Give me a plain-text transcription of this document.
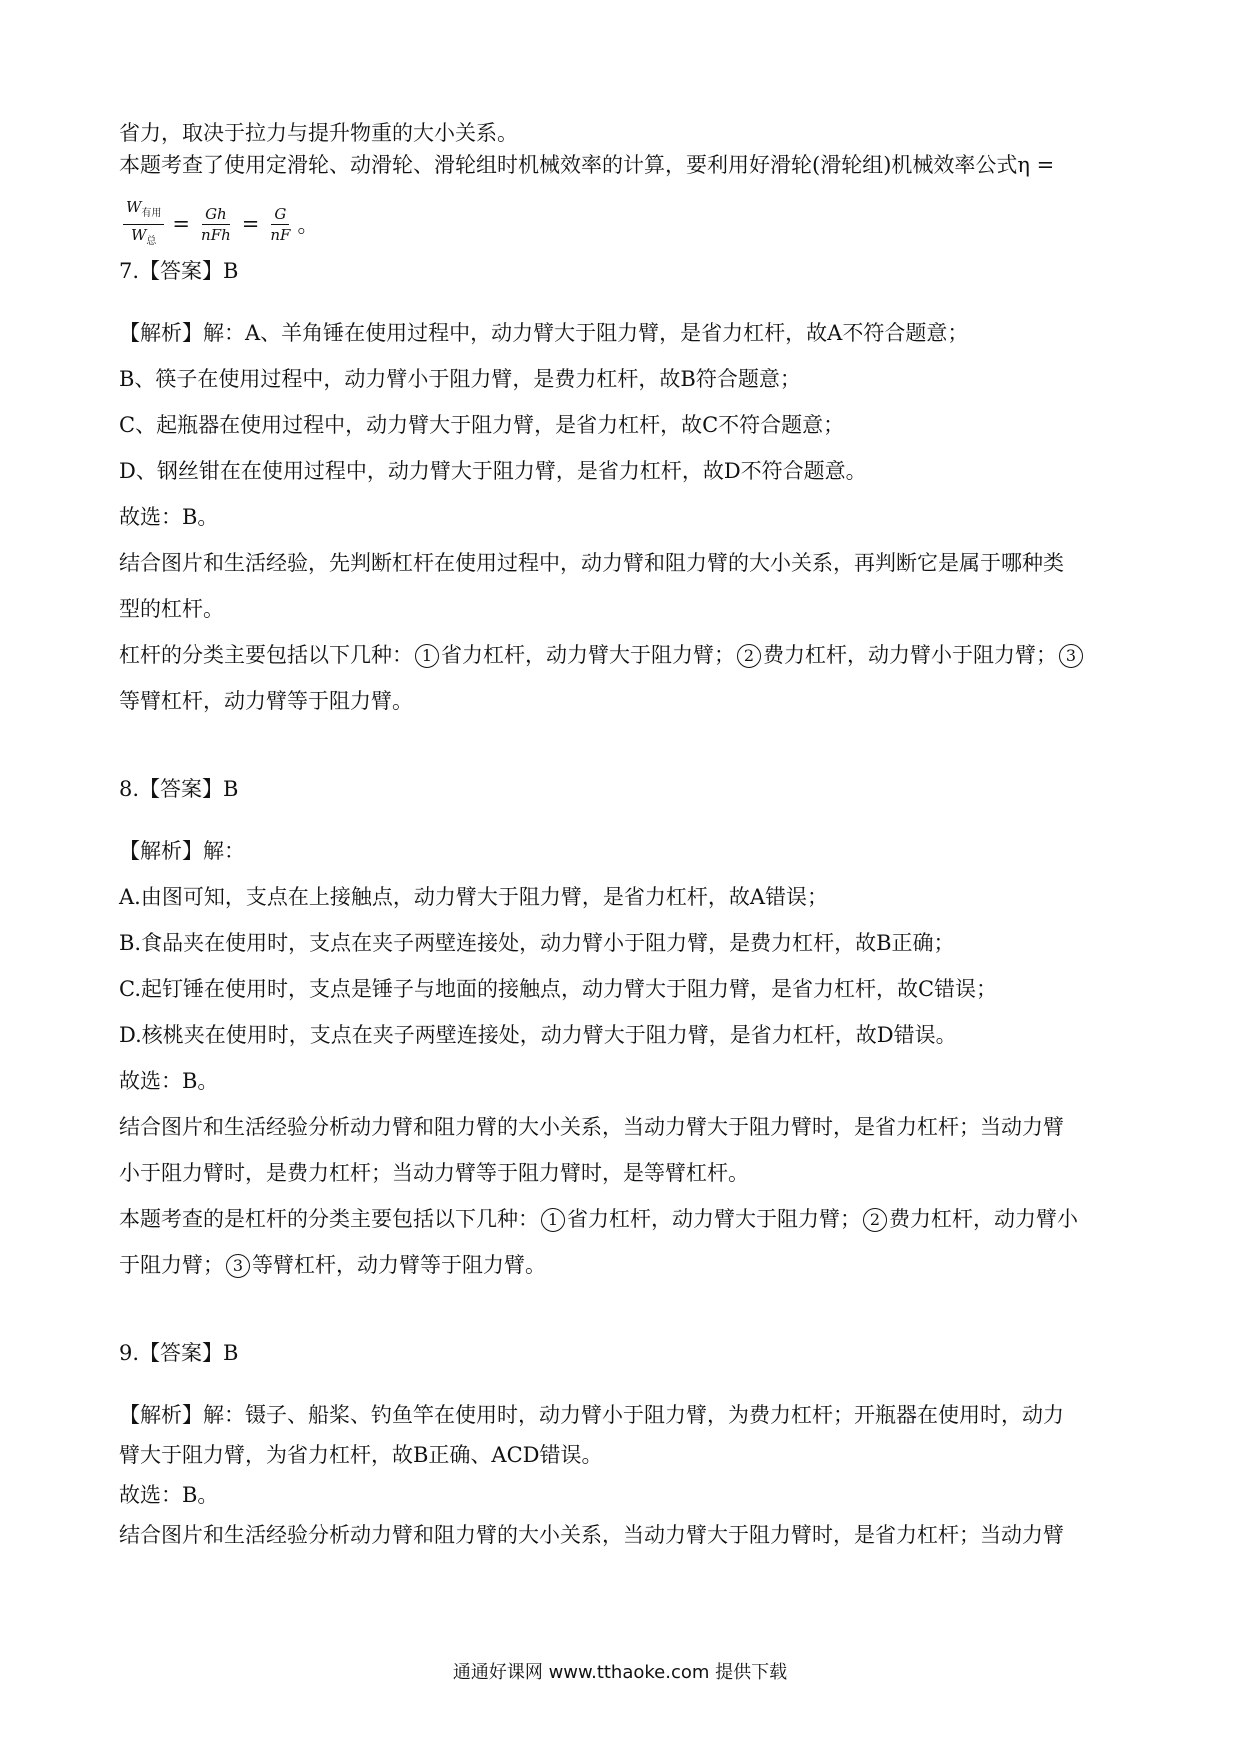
省力，取决于拉力与提升物重的大小关系。
本题考查了使用定滑轮、动滑轮、滑轮组时机械效率的计算，要利用好滑轮(滑轮组)机械效率公式η =
$\frac{W_{有用}}{W_总} = \frac{Gh}{\text{nFh}} = \frac{G}{nF}$ 。
7.【答案】B
【解析】解：A、羊角锤在使用过程中，动力臂大于阻力臂，是省力杠杆，故A不符合题意；
B、筷子在使用过程中，动力臂小于阻力臂，是费力杠杆，故B符合题意；
C、起瓶器在使用过程中，动力臂大于阻力臂，是省力杠杆，故C不符合题意；
D、钢丝钳在在使用过程中，动力臂大于阻力臂，是省力杠杆，故D不符合题意。
故选：B。
结合图片和生活经验，先判断杠杆在使用过程中，动力臂和阻力臂的大小关系，再判断它是属于哪种类
型的杠杆。
杠杆的分类主要包括以下几种： 1 省力杠杆，动力臂大于阻力臂； 2 费力杠杆，动力臂小于阻力臂； 3
等臂杠杆，动力臂等于阻力臂。
8.【答案】B
【解析】解：
A.由图可知，支点在上接触点，动力臂大于阻力臂，是省力杠杆，故A错误；
B.食品夹在使用时，支点在夹子两壁连接处，动力臂小于阻力臂，是费力杠杆，故B正确；
C.起钉锤在使用时，支点是锤子与地面的接触点，动力臂大于阻力臂，是省力杠杆，故C错误；
D.核桃夹在使用时，支点在夹子两壁连接处，动力臂大于阻力臂，是省力杠杆，故D错误。
故选：B。
结合图片和生活经验分析动力臂和阻力臂的大小关系，当动力臂大于阻力臂时，是省力杠杆；当动力臂
小于阻力臂时，是费力杠杆；当动力臂等于阻力臂时，是等臂杠杆。
本题考查的是杠杆的分类主要包括以下几种： 1 省力杠杆，动力臂大于阻力臂； 2 费力杠杆，动力臂小
于阻力臂； 3 等臂杠杆，动力臂等于阻力臂。
9.【答案】B
【解析】解：镊子、船桨、钓鱼竿在使用时，动力臂小于阻力臂，为费力杠杆；开瓶器在使用时，动力
臂大于阻力臂，为省力杠杆，故B正确、ACD错误。
故选：B。
结合图片和生活经验分析动力臂和阻力臂的大小关系，当动力臂大于阻力臂时，是省力杠杆；当动力臂
通通好课网 www.tthaoke.com 提供下载
